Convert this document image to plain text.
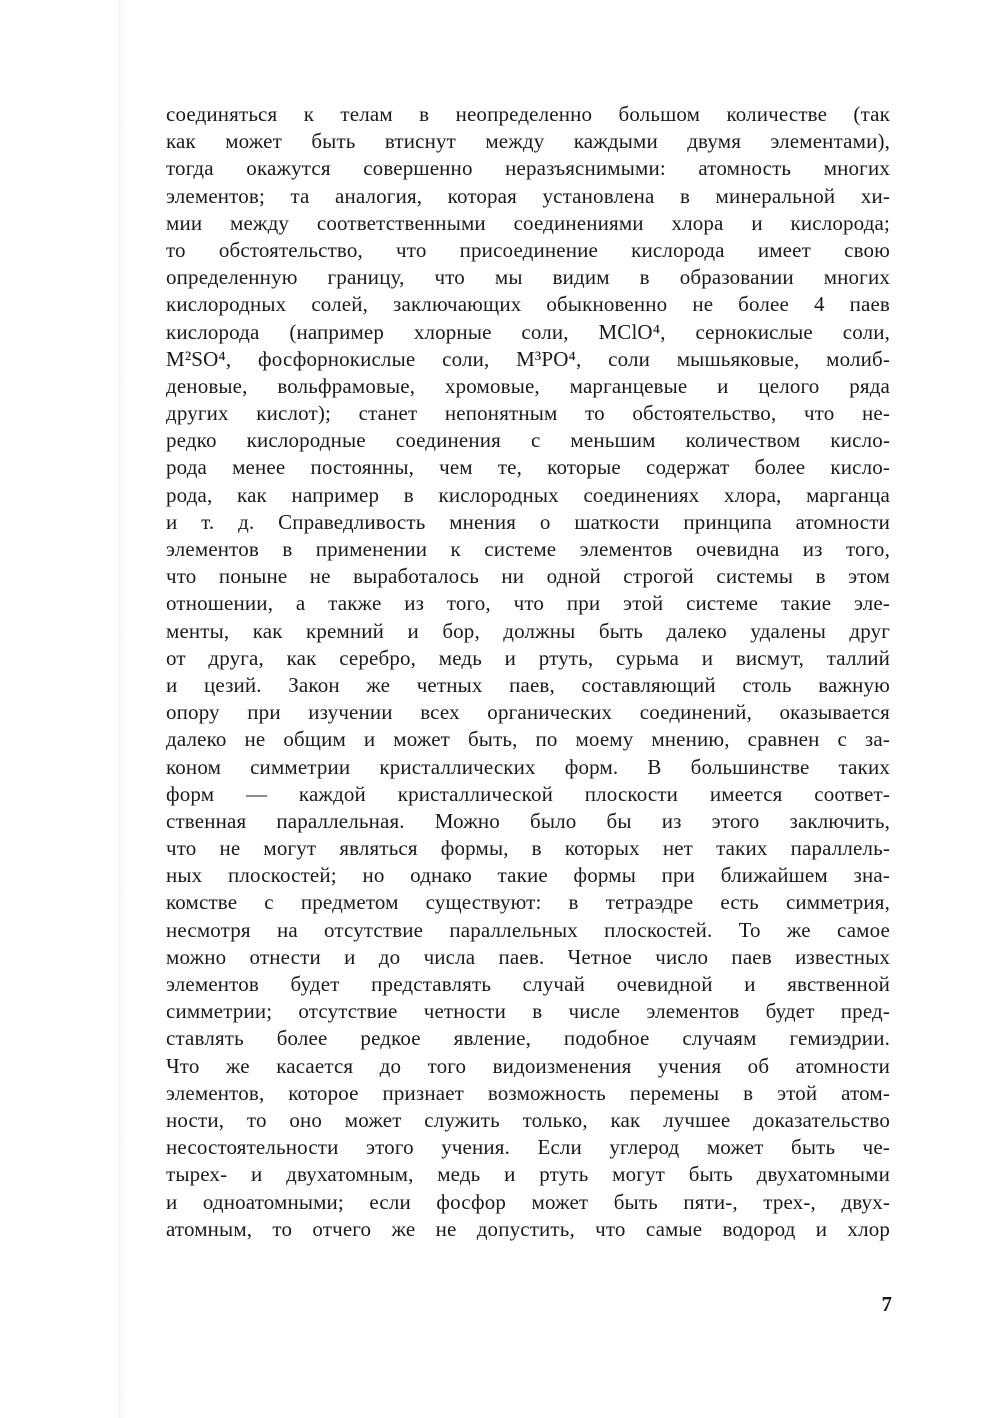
соединяться к телам в неопределенно большом количестве (так
как может быть втиснут между каждыми двумя элементами),
тогда окажутся совершенно неразъяснимыми: атомность многих
элементов; та аналогия, которая установлена в минеральной хи-
мии между соответственными соединениями хлора и кислорода;
то обстоятельство, что присоединение кислорода имеет свою
определенную границу, что мы видим в образовании многих
кислородных солей, заключающих обыкновенно не более 4 паев
кислорода (например хлорные соли, MClO⁴, сернокислые соли,
M²SO⁴, фосфорнокислые соли, M³PO⁴, соли мышьяковые, молиб-
деновые, вольфрамовые, хромовые, марганцевые и целого ряда
других кислот); станет непонятным то обстоятельство, что не-
редко кислородные соединения с меньшим количеством кисло-
рода менее постоянны, чем те, которые содержат более кисло-
рода, как например в кислородных соединениях хлора, марганца
и т. д. Справедливость мнения о шаткости принципа атомности
элементов в применении к системе элементов очевидна из того,
что поныне не выработалось ни одной строгой системы в этом
отношении, а также из того, что при этой системе такие эле-
менты, как кремний и бор, должны быть далеко удалены друг
от друга, как серебро, медь и ртуть, сурьма и висмут, таллий
и цезий. Закон же четных паев, составляющий столь важную
опору при изучении всех органических соединений, оказывается
далеко не общим и может быть, по моему мнению, сравнен с за-
коном симметрии кристаллических форм. В большинстве таких
форм — каждой кристаллической плоскости имеется соответ-
ственная параллельная. Можно было бы из этого заключить,
что не могут являться формы, в которых нет таких параллель-
ных плоскостей; но однако такие формы при ближайшем зна-
комстве с предметом существуют: в тетраэдре есть симметрия,
несмотря на отсутствие параллельных плоскостей. То же самое
можно отнести и до числа паев. Четное число паев известных
элементов будет представлять случай очевидной и явственной
симметрии; отсутствие четности в числе элементов будет пред-
ставлять более редкое явление, подобное случаям гемиэдрии.
Что же касается до того видоизменения учения об атомности
элементов, которое признает возможность перемены в этой атом-
ности, то оно может служить только, как лучшее доказательство
несостоятельности этого учения. Если углерод может быть че-
тырех- и двухатомным, медь и ртуть могут быть двухатомными
и одноатомными; если фосфор может быть пяти-, трех-, двух-
атомным, то отчего же не допустить, что самые водород и хлор
7
